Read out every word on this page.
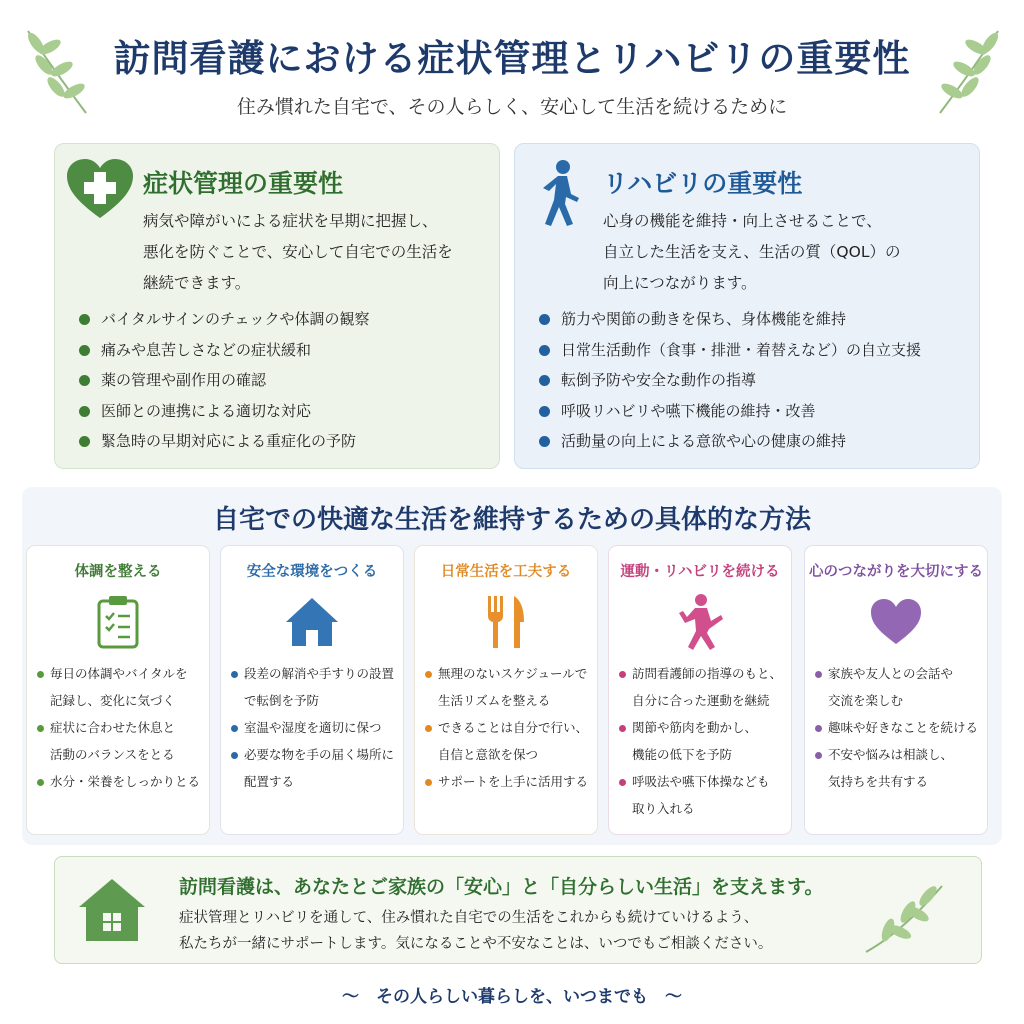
訪問看護における症状管理とリハビリの重要性
住み慣れた自宅で、その人らしく、安心して生活を続けるために
症状管理の重要性
病気や障がいによる症状を早期に把握し、
悪化を防ぐことで、安心して自宅での生活を
継続できます。
バイタルサインのチェックや体調の観察
痛みや息苦しさなどの症状緩和
薬の管理や副作用の確認
医師との連携による適切な対応
緊急時の早期対応による重症化の予防
リハビリの重要性
心身の機能を維持・向上させることで、
自立した生活を支え、生活の質（QOL）の
向上につながります。
筋力や関節の動きを保ち、身体機能を維持
日常生活動作（食事・排泄・着替えなど）の自立支援
転倒予防や安全な動作の指導
呼吸リハビリや嚥下機能の維持・改善
活動量の向上による意欲や心の健康の維持
自宅での快適な生活を維持するための具体的な方法
体調を整える
毎日の体調やバイタルを
記録し、変化に気づく
症状に合わせた休息と
活動のバランスをとる
水分・栄養をしっかりとる
安全な環境をつくる
段差の解消や手すりの設置
で転倒を予防
室温や湿度を適切に保つ
必要な物を手の届く場所に
配置する
日常生活を工夫する
無理のないスケジュールで
生活リズムを整える
できることは自分で行い、
自信と意欲を保つ
サポートを上手に活用する
運動・リハビリを続ける
訪問看護師の指導のもと、
自分に合った運動を継続
関節や筋肉を動かし、
機能の低下を予防
呼吸法や嚥下体操なども
取り入れる
心のつながりを大切にする
家族や友人との会話や
交流を楽しむ
趣味や好きなことを続ける
不安や悩みは相談し、
気持ちを共有する
訪問看護は、あなたとご家族の「安心」と「自分らしい生活」を支えます。
症状管理とリハビリを通して、住み慣れた自宅での生活をこれからも続けていけるよう、
私たちが一緒にサポートします。気になることや不安なことは、いつでもご相談ください。
〜　その人らしい暮らしを、いつまでも　〜
